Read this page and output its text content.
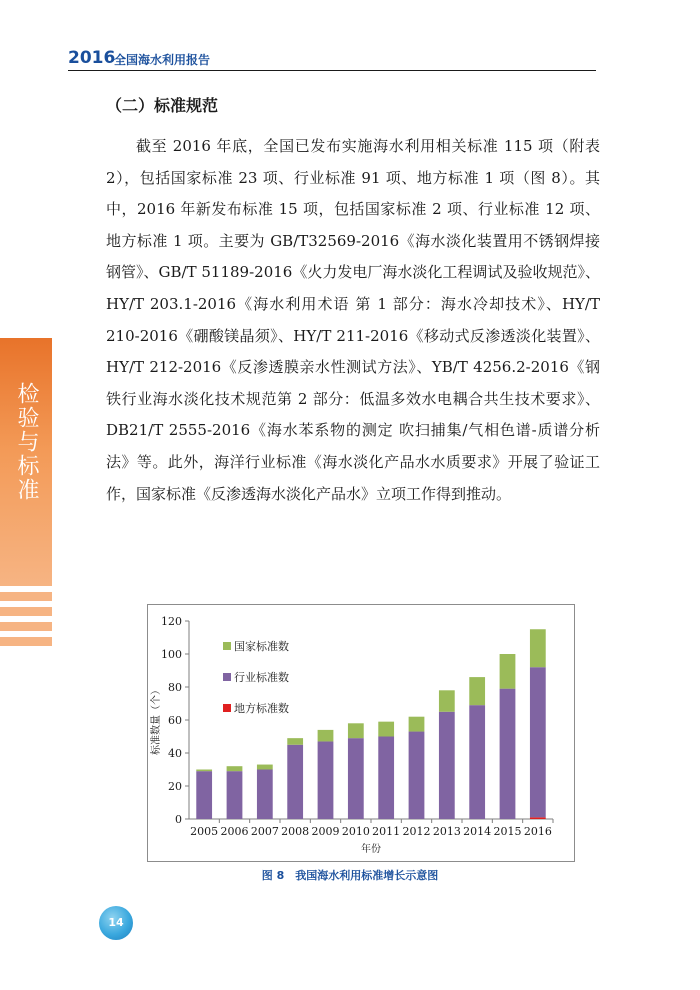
2016
全国海水利用报告
检验与标准
（二）标准规范

截至 2016 年底，全国已发布实施海水利用相关标准 115 项（附表 2），包括国家标准 23 项、行业标准 91 项、地方标准 1 项（图 8）。其中，2016 年新发布标准 15 项，包括国家标准 2 项、行业标准 12 项、地方标准 1 项。主要为 GB/T32569-2016《海水淡化装置用不锈钢焊接钢管》、GB/T 51189-2016《火力发电厂海水淡化工程调试及验收规范》、HY/T 203.1-2016《海水利用术语 第 1 部分：海水冷却技术》、HY/T 210-2016《硼酸镁晶须》、HY/T 211-2016《移动式反渗透淡化装置》、HY/T 212-2016《反渗透膜亲水性测试方法》、YB/T 4256.2-2016《钢铁行业海水淡化技术规范第 2 部分：低温多效水电耦合共生技术要求》、DB21/T 2555-2016《海水苯系物的测定 吹扫捕集/气相色谱-质谱分析法》等。此外，海洋行业标准《海水淡化产品水水质要求》开展了验证工作，国家标准《反渗透海水淡化产品水》立项工作得到推动。

0
20
40
60
80
100
120
2005 2006 2007 2008 2009 2010 2011 2012 2013 2014 2015 2016
年份
标准数量（个）
国家标准数
行业标准数
地方标准数
图 8　我国海水利用标准增长示意图
14
